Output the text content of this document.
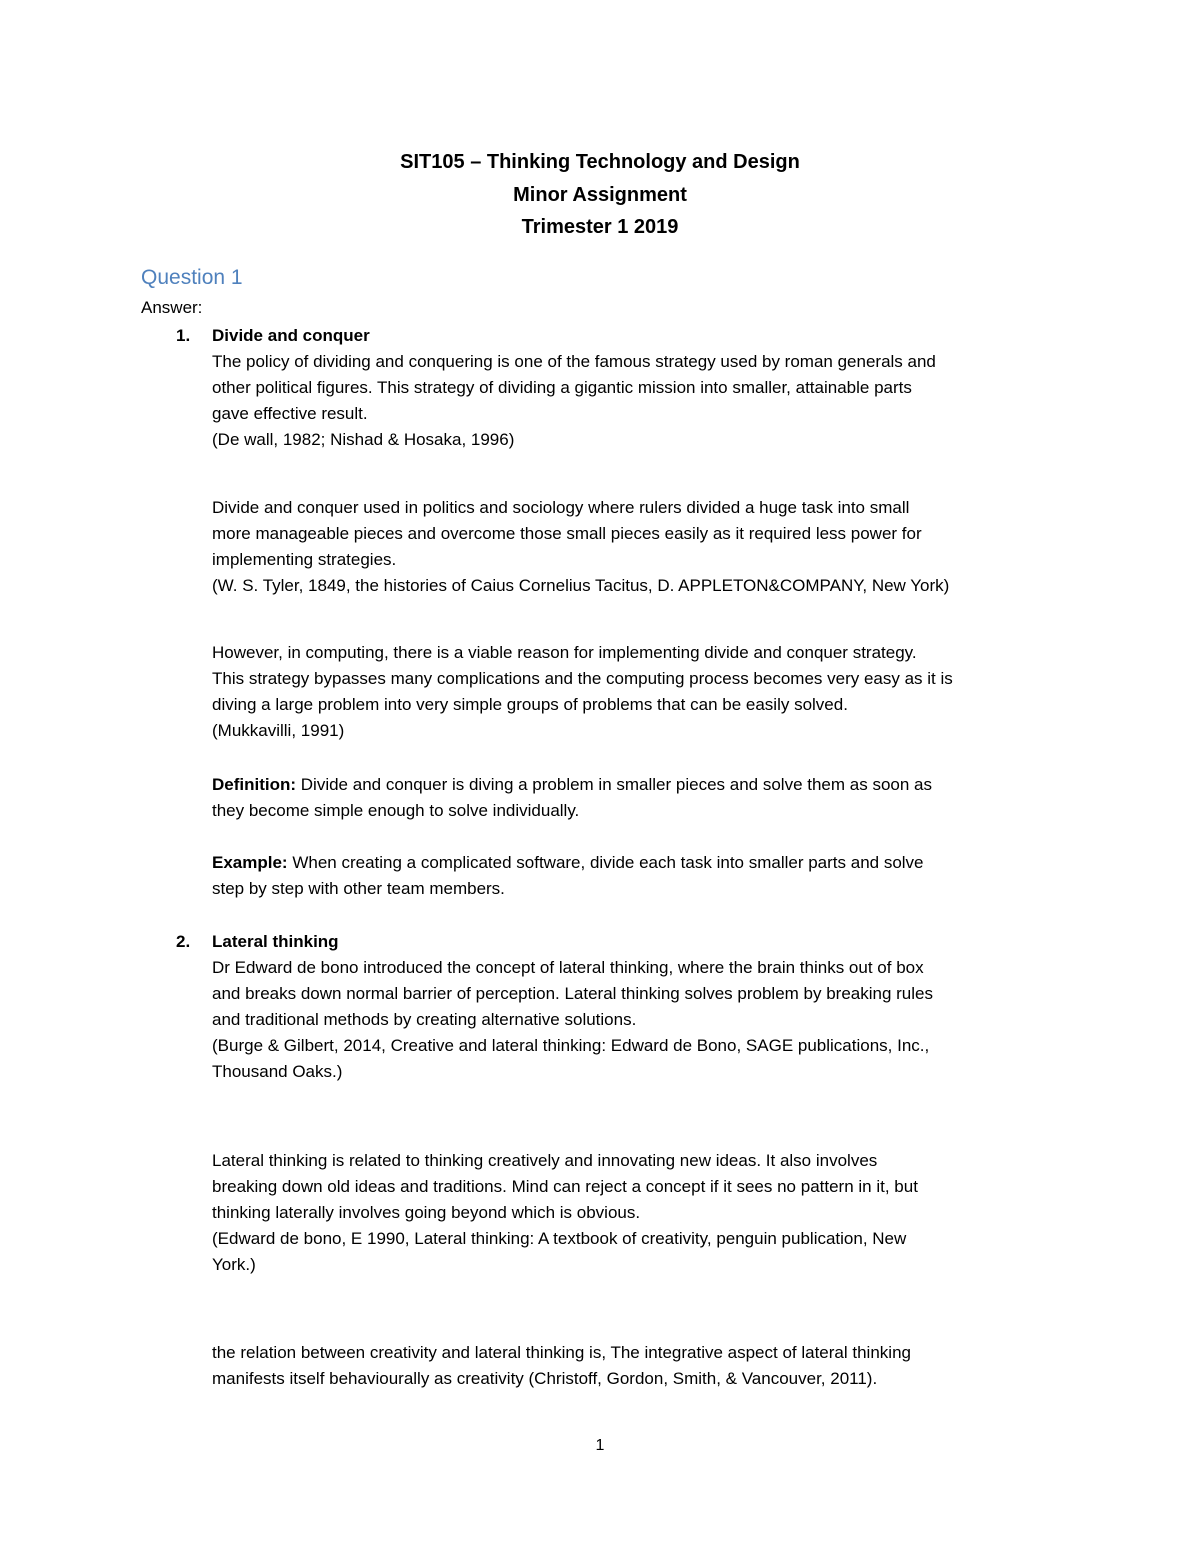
SIT105 – Thinking Technology and Design
Minor Assignment
Trimester 1 2019
Question 1
Answer:
1. Divide and conquer
The policy of dividing and conquering is one of the famous strategy used by roman generals and
other political figures. This strategy of dividing a gigantic mission into smaller, attainable parts
gave effective result.
(De wall, 1982; Nishad & Hosaka, 1996)
Divide and conquer used in politics and sociology where rulers divided a huge task into small
more manageable pieces and overcome those small pieces easily as it required less power for
implementing strategies.
(W. S. Tyler, 1849, the histories of Caius Cornelius Tacitus, D. APPLETON&COMPANY, New York)
However, in computing, there is a viable reason for implementing divide and conquer strategy.
This strategy bypasses many complications and the computing process becomes very easy as it is
diving a large problem into very simple groups of problems that can be easily solved.
(Mukkavilli, 1991)
Definition: Divide and conquer is diving a problem in smaller pieces and solve them as soon as
they become simple enough to solve individually.
Example: When creating a complicated software, divide each task into smaller parts and solve
step by step with other team members.
2. Lateral thinking
Dr Edward de bono introduced the concept of lateral thinking, where the brain thinks out of box
and breaks down normal barrier of perception. Lateral thinking solves problem by breaking rules
and traditional methods by creating alternative solutions.
(Burge & Gilbert, 2014, Creative and lateral thinking: Edward de Bono, SAGE publications, Inc.,
Thousand Oaks.)
Lateral thinking is related to thinking creatively and innovating new ideas. It also involves
breaking down old ideas and traditions. Mind can reject a concept if it sees no pattern in it, but
thinking laterally involves going beyond which is obvious.
(Edward de bono, E 1990, Lateral thinking: A textbook of creativity, penguin publication, New
York.)
the relation between creativity and lateral thinking is, The integrative aspect of lateral thinking
manifests itself behaviourally as creativity (Christoff, Gordon, Smith, & Vancouver, 2011).
1
